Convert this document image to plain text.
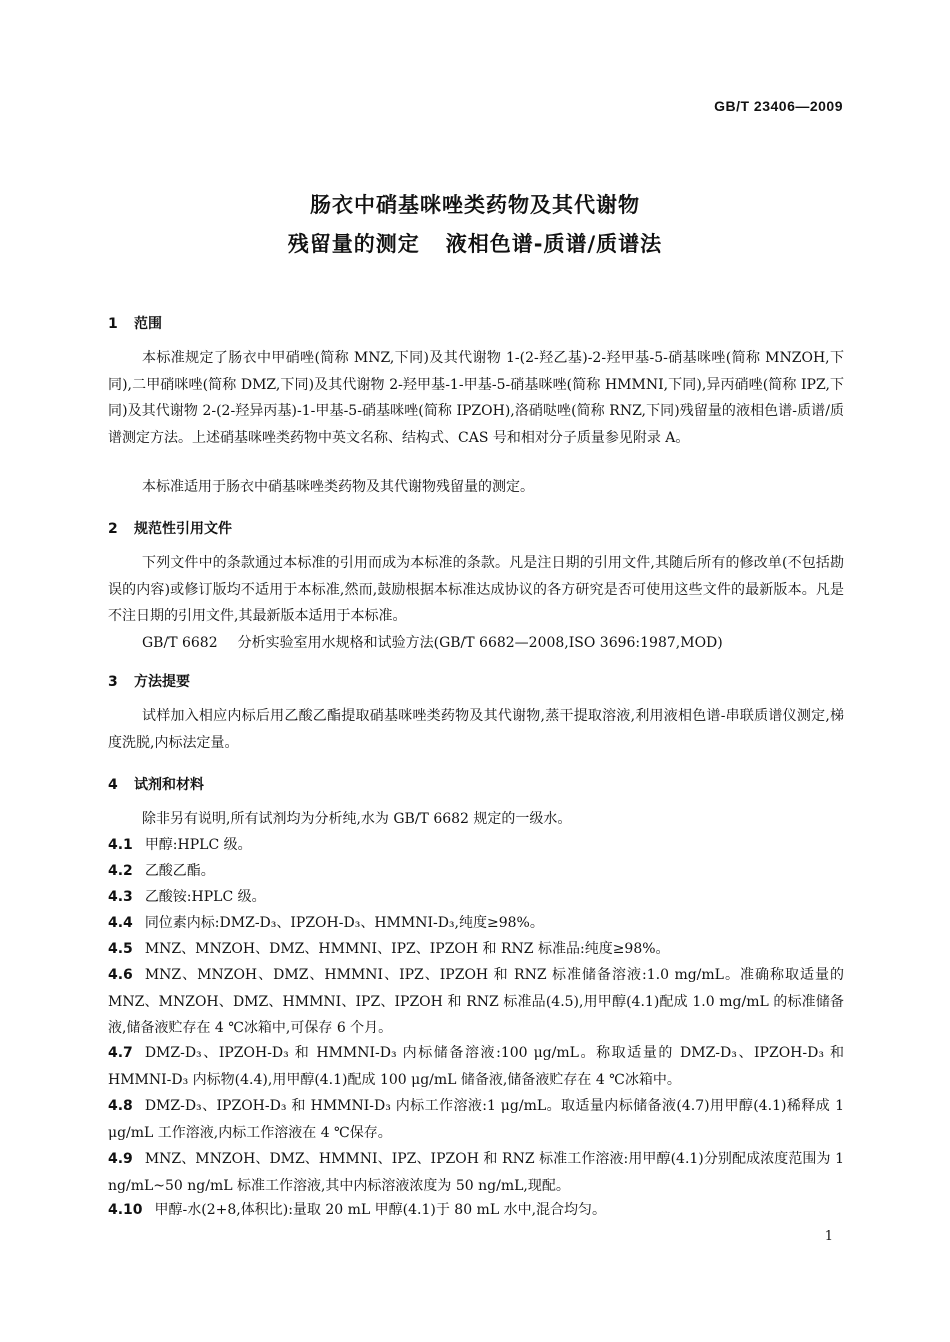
GB/T 23406—2009
肠衣中硝基咪唑类药物及其代谢物
残留量的测定 液相色谱-质谱/质谱法
1 范围
本标准规定了肠衣中甲硝唑(简称 MNZ,下同)及其代谢物 1-(2-羟乙基)-2-羟甲基-5-硝基咪唑(简称 MNZOH,下同),二甲硝咪唑(简称 DMZ,下同)及其代谢物 2-羟甲基-1-甲基-5-硝基咪唑(简称 HMMNI,下同),异丙硝唑(简称 IPZ,下同)及其代谢物 2-(2-羟异丙基)-1-甲基-5-硝基咪唑(简称 IPZOH),洛硝哒唑(简称 RNZ,下同)残留量的液相色谱-质谱/质谱测定方法。上述硝基咪唑类药物中英文名称、结构式、CAS 号和相对分子质量参见附录 A。
本标准适用于肠衣中硝基咪唑类药物及其代谢物残留量的测定。
2 规范性引用文件
下列文件中的条款通过本标准的引用而成为本标准的条款。凡是注日期的引用文件,其随后所有的修改单(不包括勘误的内容)或修订版均不适用于本标准,然而,鼓励根据本标准达成协议的各方研究是否可使用这些文件的最新版本。凡是不注日期的引用文件,其最新版本适用于本标准。
GB/T 6682 分析实验室用水规格和试验方法(GB/T 6682—2008,ISO 3696:1987,MOD)
3 方法提要
试样加入相应内标后用乙酸乙酯提取硝基咪唑类药物及其代谢物,蒸干提取溶液,利用液相色谱-串联质谱仪测定,梯度洗脱,内标法定量。
4 试剂和材料
除非另有说明,所有试剂均为分析纯,水为 GB/T 6682 规定的一级水。
4.1 甲醇:HPLC 级。
4.2 乙酸乙酯。
4.3 乙酸铵:HPLC 级。
4.4 同位素内标:DMZ-D₃、IPZOH-D₃、HMMNI-D₃,纯度≥98%。
4.5 MNZ、MNZOH、DMZ、HMMNI、IPZ、IPZOH 和 RNZ 标准品:纯度≥98%。
4.6 MNZ、MNZOH、DMZ、HMMNI、IPZ、IPZOH 和 RNZ 标准储备溶液:1.0 mg/mL。准确称取适量的 MNZ、MNZOH、DMZ、HMMNI、IPZ、IPZOH 和 RNZ 标准品(4.5),用甲醇(4.1)配成 1.0 mg/mL 的标准储备液,储备液贮存在 4 ℃冰箱中,可保存 6 个月。
4.7 DMZ-D₃、IPZOH-D₃ 和 HMMNI-D₃ 内标储备溶液:100 μg/mL。称取适量的 DMZ-D₃、IPZOH-D₃ 和 HMMNI-D₃ 内标物(4.4),用甲醇(4.1)配成 100 μg/mL 储备液,储备液贮存在 4 ℃冰箱中。
4.8 DMZ-D₃、IPZOH-D₃ 和 HMMNI-D₃ 内标工作溶液:1 μg/mL。取适量内标储备液(4.7)用甲醇(4.1)稀释成 1 μg/mL 工作溶液,内标工作溶液在 4 ℃保存。
4.9 MNZ、MNZOH、DMZ、HMMNI、IPZ、IPZOH 和 RNZ 标准工作溶液:用甲醇(4.1)分别配成浓度范围为 1 ng/mL~50 ng/mL 标准工作溶液,其中内标溶液浓度为 50 ng/mL,现配。
4.10 甲醇-水(2+8,体积比):量取 20 mL 甲醇(4.1)于 80 mL 水中,混合均匀。
1
